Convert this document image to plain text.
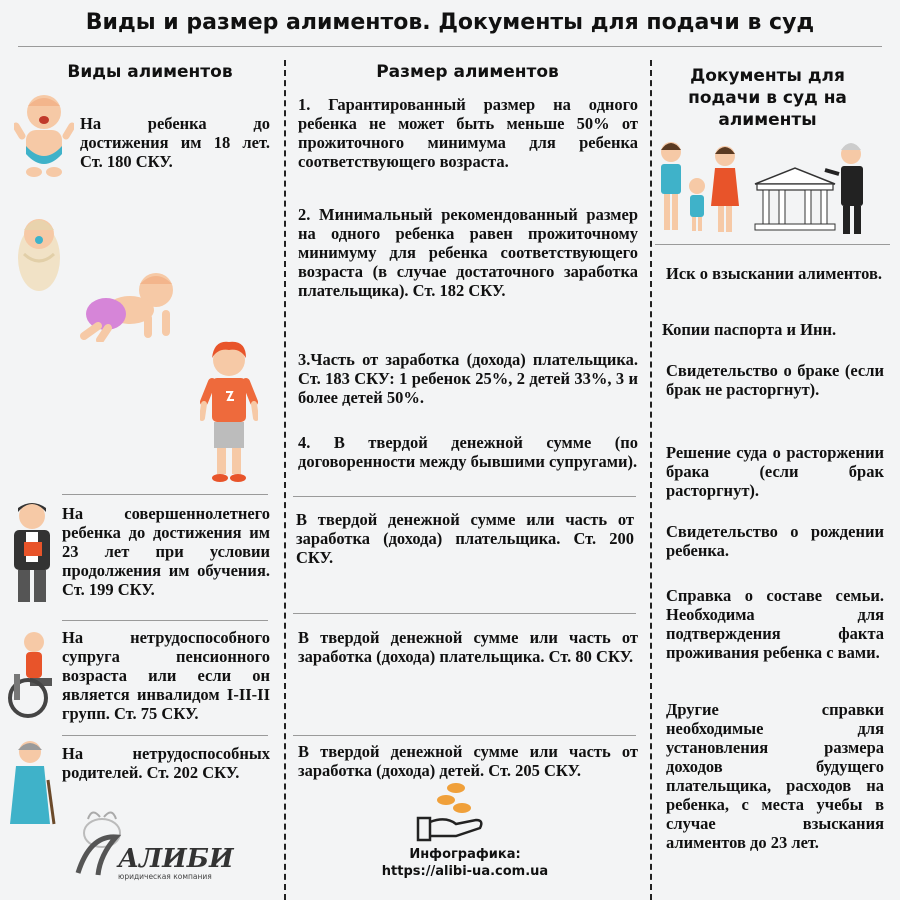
Виды и размер алиментов. Документы для подачи в суд
Виды алиментов	Размер алиментов	Документы для подачи в суд на алименты
На ребенка до достижения им 18 лет. Ст. 180 СКУ.
На совершеннолетнего ребенка до достижения им 23 лет при условии продолжения им обучения. Ст. 199 СКУ.
На нетрудоспособного супруга пенсионного возраста или если он является инвалидом I-II-II групп. Ст. 75 СКУ.
На нетрудоспособных родителей. Ст. 202 СКУ.
АЛИБИ
юридическая компания
1. Гарантированный размер на одного ребенка не может быть меньше 50% от прожиточного минимума для ребенка соответствующего возраста.
2. Минимальный рекомендованный размер на одного ребенка равен прожиточному минимуму для ребенка соответствующего возраста (в случае достаточного заработка плательщика). Ст. 182 СКУ.
3.Часть от заработка (дохода) плательщика. Ст. 183 СКУ: 1 ребенок 25%, 2 детей 33%, 3 и более детей 50%.
4. В твердой денежной сумме (по договоренности между бывшими супругами).
В твердой денежной сумме или часть от заработка (дохода) плательщика. Ст. 200 СКУ.
В твердой денежной сумме или часть от заработка (дохода) плательщика. Ст. 80 СКУ.
В твердой денежной сумме или часть от заработка (дохода) детей. Ст. 205 СКУ.
Инфографика:
https://alibi-ua.com.ua
Иск о взыскании алиментов.
Копии паспорта и Инн.
Свидетельство о браке (если брак не расторгнут).
Решение суда о расторжении брака (если брак расторгнут).
Свидетельство о рождении ребенка.
Справка о составе семьи. Необходима для подтверждения факта проживания ребенка с вами.
Другие справки необходимые для установления размера доходов будущего плательщика, расходов на ребенка, с места учебы в случае взыскания алиментов до 23 лет.
